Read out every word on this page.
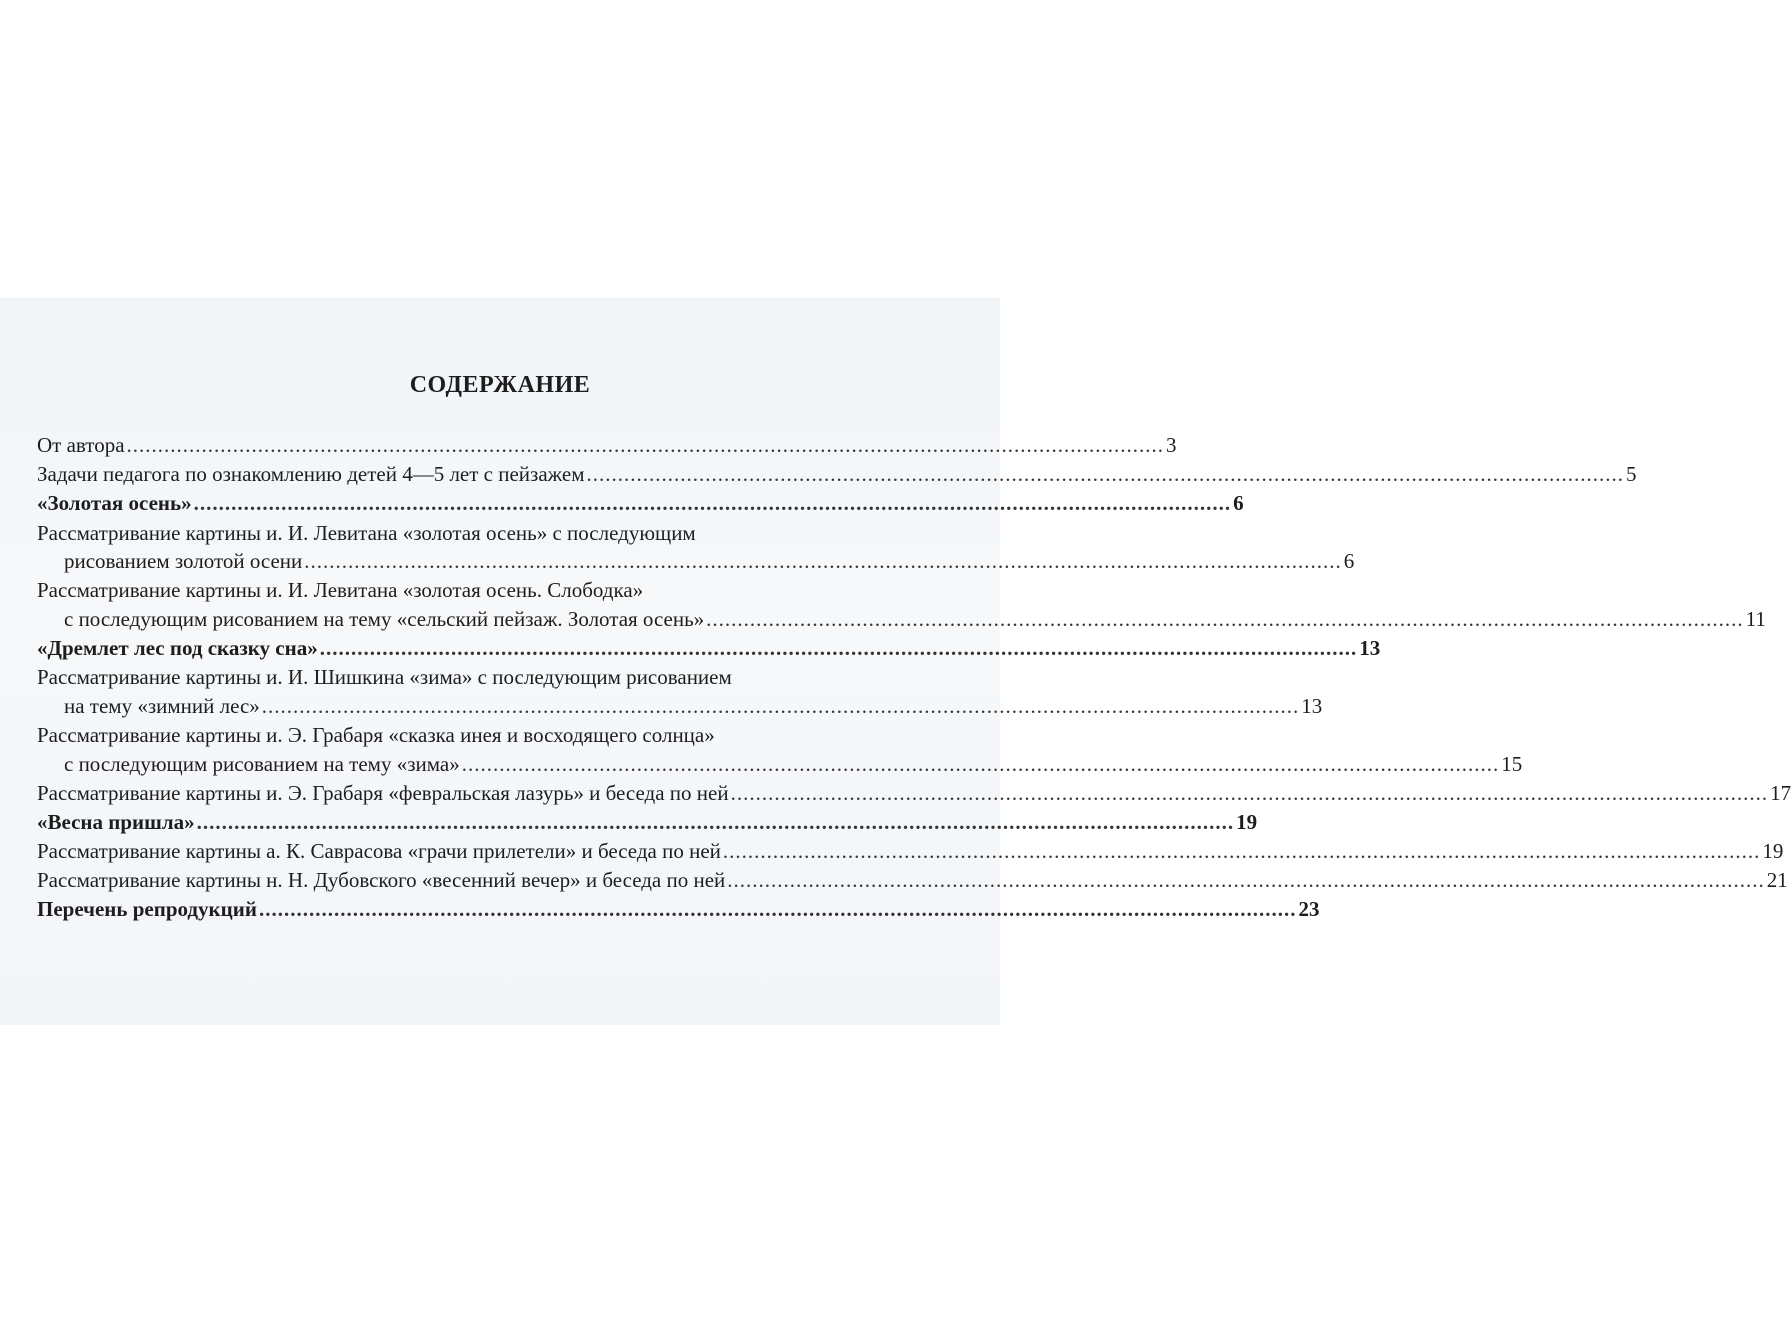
СОДЕРЖАНИЕ
От автора ...................................................................................................................................................................... 3
Задачи педагога по ознакомлению детей 4—5 лет с пейзажем ...................................................................................................................................................................... 5
«Золотая осень» ...................................................................................................................................................................... 6
Рассматривание картины и. И. Левитана «золотая осень» с последующим
рисованием золотой осени ...................................................................................................................................................................... 6
Рассматривание картины и. И. Левитана «золотая осень. Слободка»
с последующим рисованием на тему «сельский пейзаж. Золотая осень» ...................................................................................................................................................................... 11
«Дремлет лес под сказку сна» ...................................................................................................................................................................... 13
Рассматривание картины и. И. Шишкина «зима» с последующим рисованием
на тему «зимний лес» ...................................................................................................................................................................... 13
Рассматривание картины и. Э. Грабаря «сказка инея и восходящего солнца»
с последующим рисованием на тему «зима» ...................................................................................................................................................................... 15
Рассматривание картины и. Э. Грабаря «февральская лазурь» и беседа по ней ...................................................................................................................................................................... 17
«Весна пришла» ...................................................................................................................................................................... 19
Рассматривание картины а. К. Саврасова «грачи прилетели» и беседа по ней ...................................................................................................................................................................... 19
Рассматривание картины н. Н. Дубовского «весенний вечер» и беседа по ней ...................................................................................................................................................................... 21
Перечень репродукций ...................................................................................................................................................................... 23
